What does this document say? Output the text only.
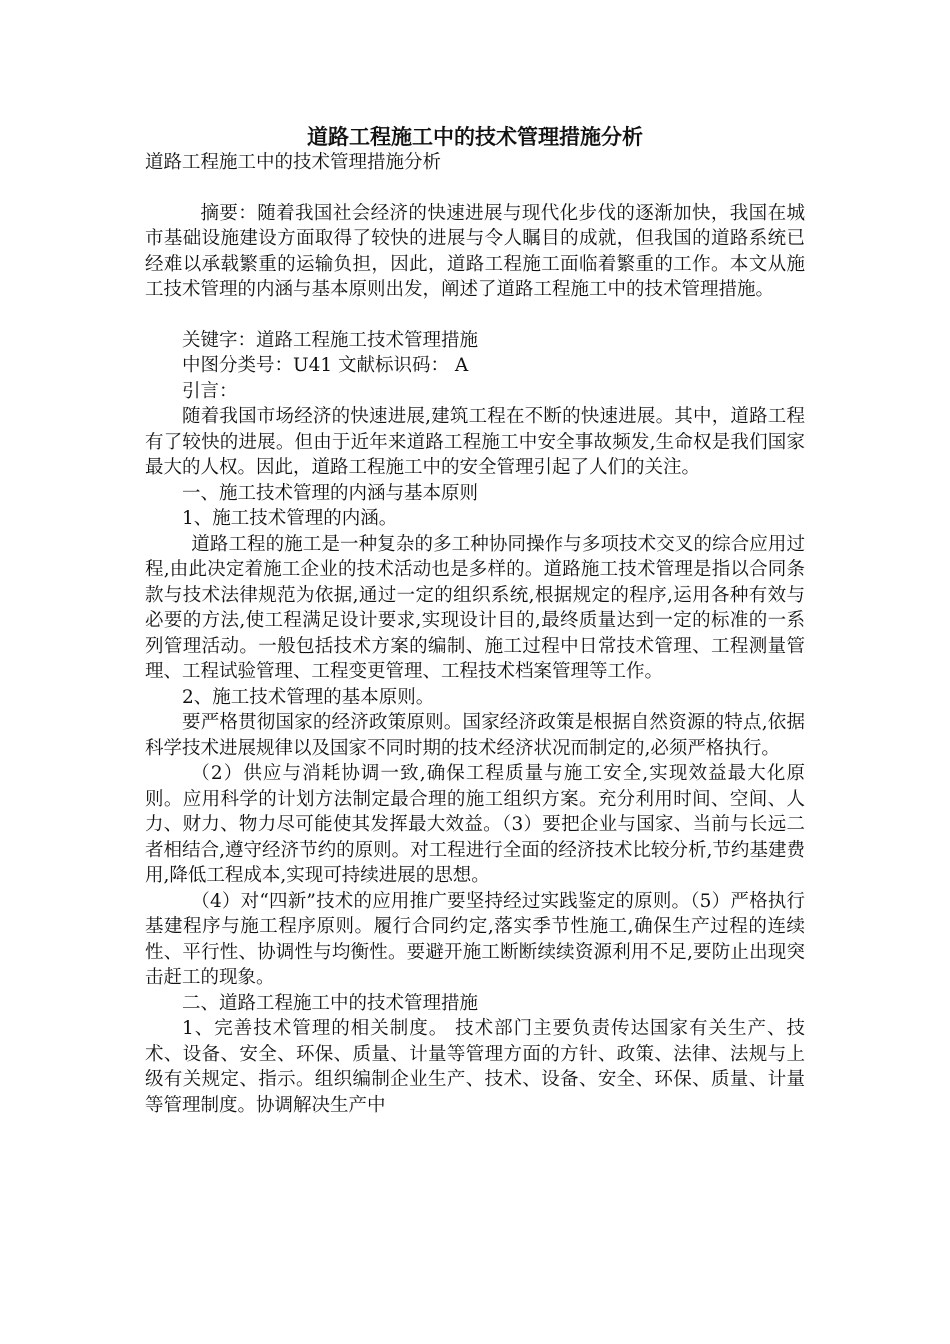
道路工程施工中的技术管理措施分析

道路工程施工中的技术管理措施分析

摘要：随着我国社会经济的快速进展与现代化步伐的逐渐加快，我国在城市基础设施建设方面取得了较快的进展与令人瞩目的成就，但我国的道路系统已经难以承载繁重的运输负担，因此，道路工程施工面临着繁重的工作。本文从施工技术管理的内涵与基本原则出发，阐述了道路工程施工中的技术管理措施。

关键字：道路工程施工技术管理措施

中图分类号：U41 文献标识码： A

引言：

随着我国市场经济的快速进展,建筑工程在不断的快速进展。其中，道路工程有了较快的进展。但由于近年来道路工程施工中安全事故频发,生命权是我们国家最大的人权。因此，道路工程施工中的安全管理引起了人们的关注。

一、施工技术管理的内涵与基本原则

1、施工技术管理的内涵。

道路工程的施工是一种复杂的多工种协同操作与多项技术交叉的综合应用过程,由此决定着施工企业的技术活动也是多样的。道路施工技术管理是指以合同条款与技术法律规范为依据,通过一定的组织系统,根据规定的程序,运用各种有效与必要的方法,使工程满足设计要求,实现设计目的,最终质量达到一定的标准的一系列管理活动。一般包括技术方案的编制、施工过程中日常技术管理、工程测量管理、工程试验管理、工程变更管理、工程技术档案管理等工作。

2、施工技术管理的基本原则。

要严格贯彻国家的经济政策原则。国家经济政策是根据自然资源的特点,依据科学技术进展规律以及国家不同时期的技术经济状况而制定的,必须严格执行。

（2）供应与消耗协调一致,确保工程质量与施工安全,实现效益最大化原则。应用科学的计划方法制定最合理的施工组织方案。充分利用时间、空间、人力、财力、物力尽可能使其发挥最大效益。（3）要把企业与国家、当前与长远二者相结合,遵守经济节约的原则。对工程进行全面的经济技术比较分析,节约基建费用,降低工程成本,实现可持续进展的思想。

（4）对“四新”技术的应用推广要坚持经过实践鉴定的原则。（5）严格执行基建程序与施工程序原则。履行合同约定,落实季节性施工,确保生产过程的连续性、平行性、协调性与均衡性。要避开施工断断续续资源利用不足,要防止出现突击赶工的现象。

二、道路工程施工中的技术管理措施

1、完善技术管理的相关制度。 技术部门主要负责传达国家有关生产、技术、设备、安全、环保、质量、计量等管理方面的方针、政策、法律、法规与上级有关规定、指示。组织编制企业生产、技术、设备、安全、环保、质量、计量等管理制度。协调解决生产中
